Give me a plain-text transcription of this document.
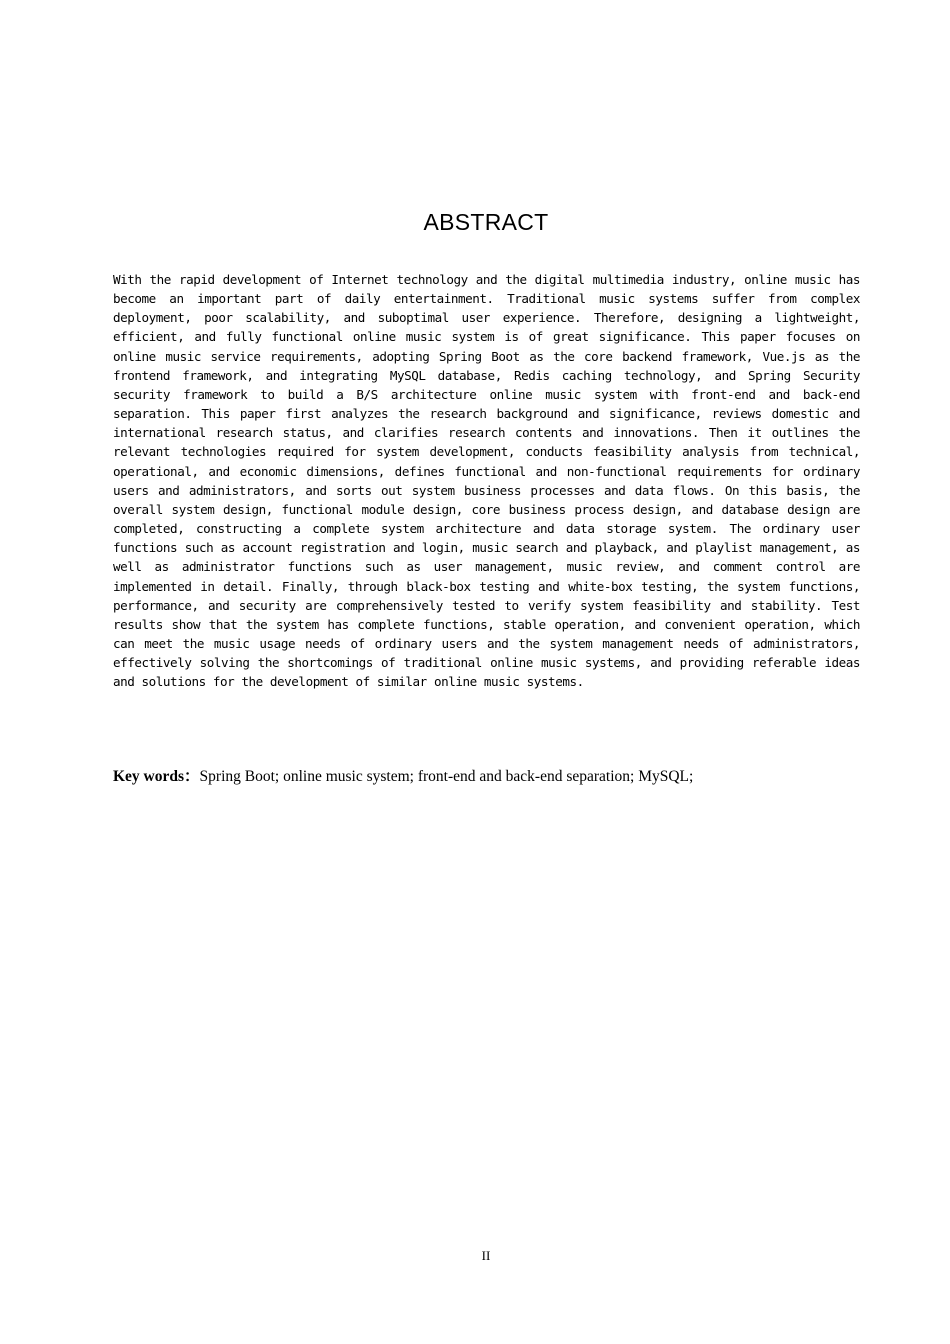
ABSTRACT

With the rapid development of Internet technology and the digital multimedia industry, online music has become an important part of daily entertainment. Traditional music systems suffer from complex deployment, poor scalability, and suboptimal user experience. Therefore, designing a lightweight, efficient, and fully functional online music system is of great significance. This paper focuses on online music service requirements, adopting Spring Boot as the core backend framework, Vue.js as the frontend framework, and integrating MySQL database, Redis caching technology, and Spring Security security framework to build a B/S architecture online music system with front-end and back-end separation. This paper first analyzes the research background and significance, reviews domestic and international research status, and clarifies research contents and innovations. Then it outlines the relevant technologies required for system development, conducts feasibility analysis from technical, operational, and economic dimensions, defines functional and non-functional requirements for ordinary users and administrators, and sorts out system business processes and data flows. On this basis, the overall system design, functional module design, core business process design, and database design are completed, constructing a complete system architecture and data storage system. The ordinary user functions such as account registration and login, music search and playback, and playlist management, as well as administrator functions such as user management, music review, and comment control are implemented in detail. Finally, through black-box testing and white-box testing, the system functions, performance, and security are comprehensively tested to verify system feasibility and stability. Test results show that the system has complete functions, stable operation, and convenient operation, which can meet the music usage needs of ordinary users and the system management needs of administrators, effectively solving the shortcomings of traditional online music systems, and providing referable ideas and solutions for the development of similar online music systems.

Key words：Spring Boot; online music system; front-end and back-end separation; MySQL;

II
